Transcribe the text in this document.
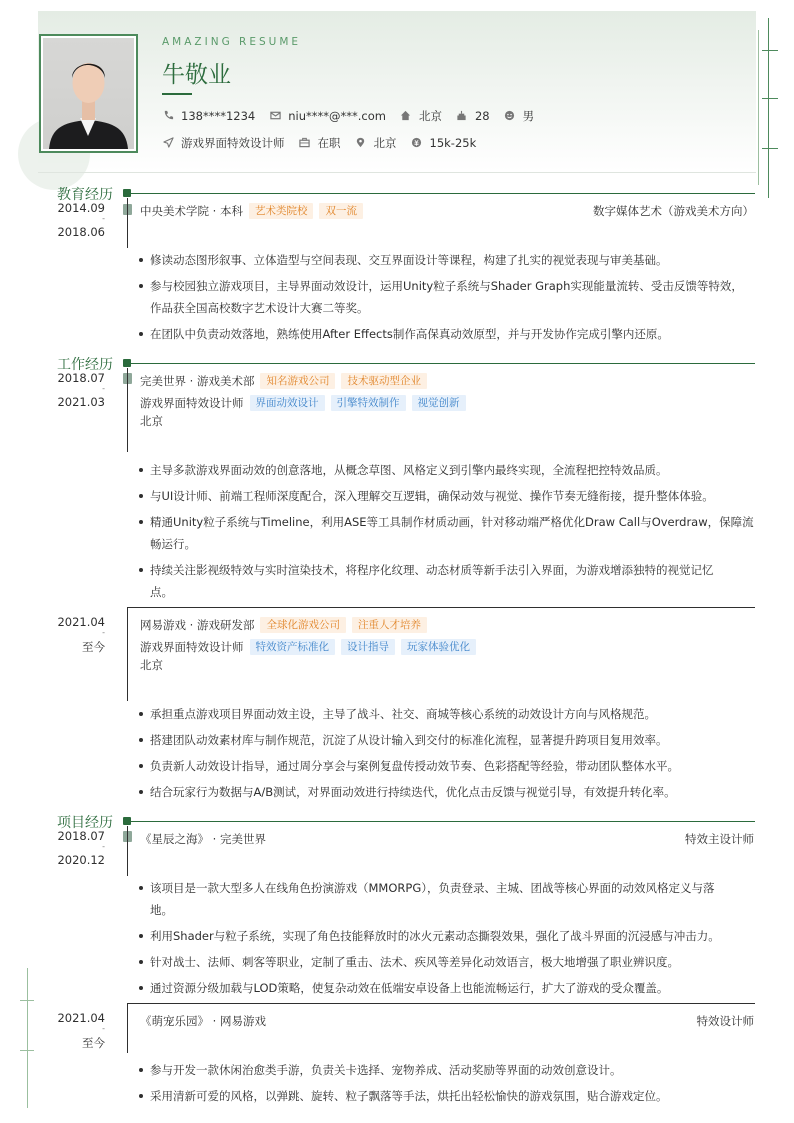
AMAZING RESUME
牛敬业
138****1234	niu****@***.com	北京	28	男
游戏界面特效设计师	在职	北京	15k-25k
教育经历
2014.09
-
2018.06
中央美术学院 · 本科	艺术类院校	双一流	数字媒体艺术（游戏美术方向）
修读动态图形叙事、立体造型与空间表现、交互界面设计等课程，构建了扎实的视觉表现与审美基础。
参与校园独立游戏项目，主导界面动效设计，运用Unity粒子系统与Shader Graph实现能量流转、受击反馈等特效，
作品获全国高校数字艺术设计大赛二等奖。
在团队中负责动效落地，熟练使用After Effects制作高保真动效原型，并与开发协作完成引擎内还原。
工作经历
2018.07
-
2021.03
完美世界 · 游戏美术部	知名游戏公司	技术驱动型企业
游戏界面特效设计师	界面动效设计	引擎特效制作	视觉创新
北京
主导多款游戏界面动效的创意落地，从概念草图、风格定义到引擎内最终实现，全流程把控特效品质。
与UI设计师、前端工程师深度配合，深入理解交互逻辑，确保动效与视觉、操作节奏无缝衔接，提升整体体验。
精通Unity粒子系统与Timeline，利用ASE等工具制作材质动画，针对移动端严格优化Draw Call与Overdraw，保障流
畅运行。
持续关注影视级特效与实时渲染技术，将程序化纹理、动态材质等新手法引入界面，为游戏增添独特的视觉记忆
点。
2021.04
-
至今
网易游戏 · 游戏研发部	全球化游戏公司	注重人才培养
游戏界面特效设计师	特效资产标准化	设计指导	玩家体验优化
北京
承担重点游戏项目界面动效主设，主导了战斗、社交、商城等核心系统的动效设计方向与风格规范。
搭建团队动效素材库与制作规范，沉淀了从设计输入到交付的标准化流程，显著提升跨项目复用效率。
负责新人动效设计指导，通过周分享会与案例复盘传授动效节奏、色彩搭配等经验，带动团队整体水平。
结合玩家行为数据与A/B测试，对界面动效进行持续迭代，优化点击反馈与视觉引导，有效提升转化率。
项目经历
2018.07
-
2020.12
《星辰之海》 · 完美世界	特效主设计师
该项目是一款大型多人在线角色扮演游戏（MMORPG），负责登录、主城、团战等核心界面的动效风格定义与落
地。
利用Shader与粒子系统，实现了角色技能释放时的冰火元素动态撕裂效果，强化了战斗界面的沉浸感与冲击力。
针对战士、法师、刺客等职业，定制了重击、法术、疾风等差异化动效语言，极大地增强了职业辨识度。
通过资源分级加载与LOD策略，使复杂动效在低端安卓设备上也能流畅运行，扩大了游戏的受众覆盖。
2021.04
-
至今
《萌宠乐园》 · 网易游戏	特效设计师
参与开发一款休闲治愈类手游，负责关卡选择、宠物养成、活动奖励等界面的动效创意设计。
采用清新可爱的风格，以弹跳、旋转、粒子飘落等手法，烘托出轻松愉快的游戏氛围，贴合游戏定位。
